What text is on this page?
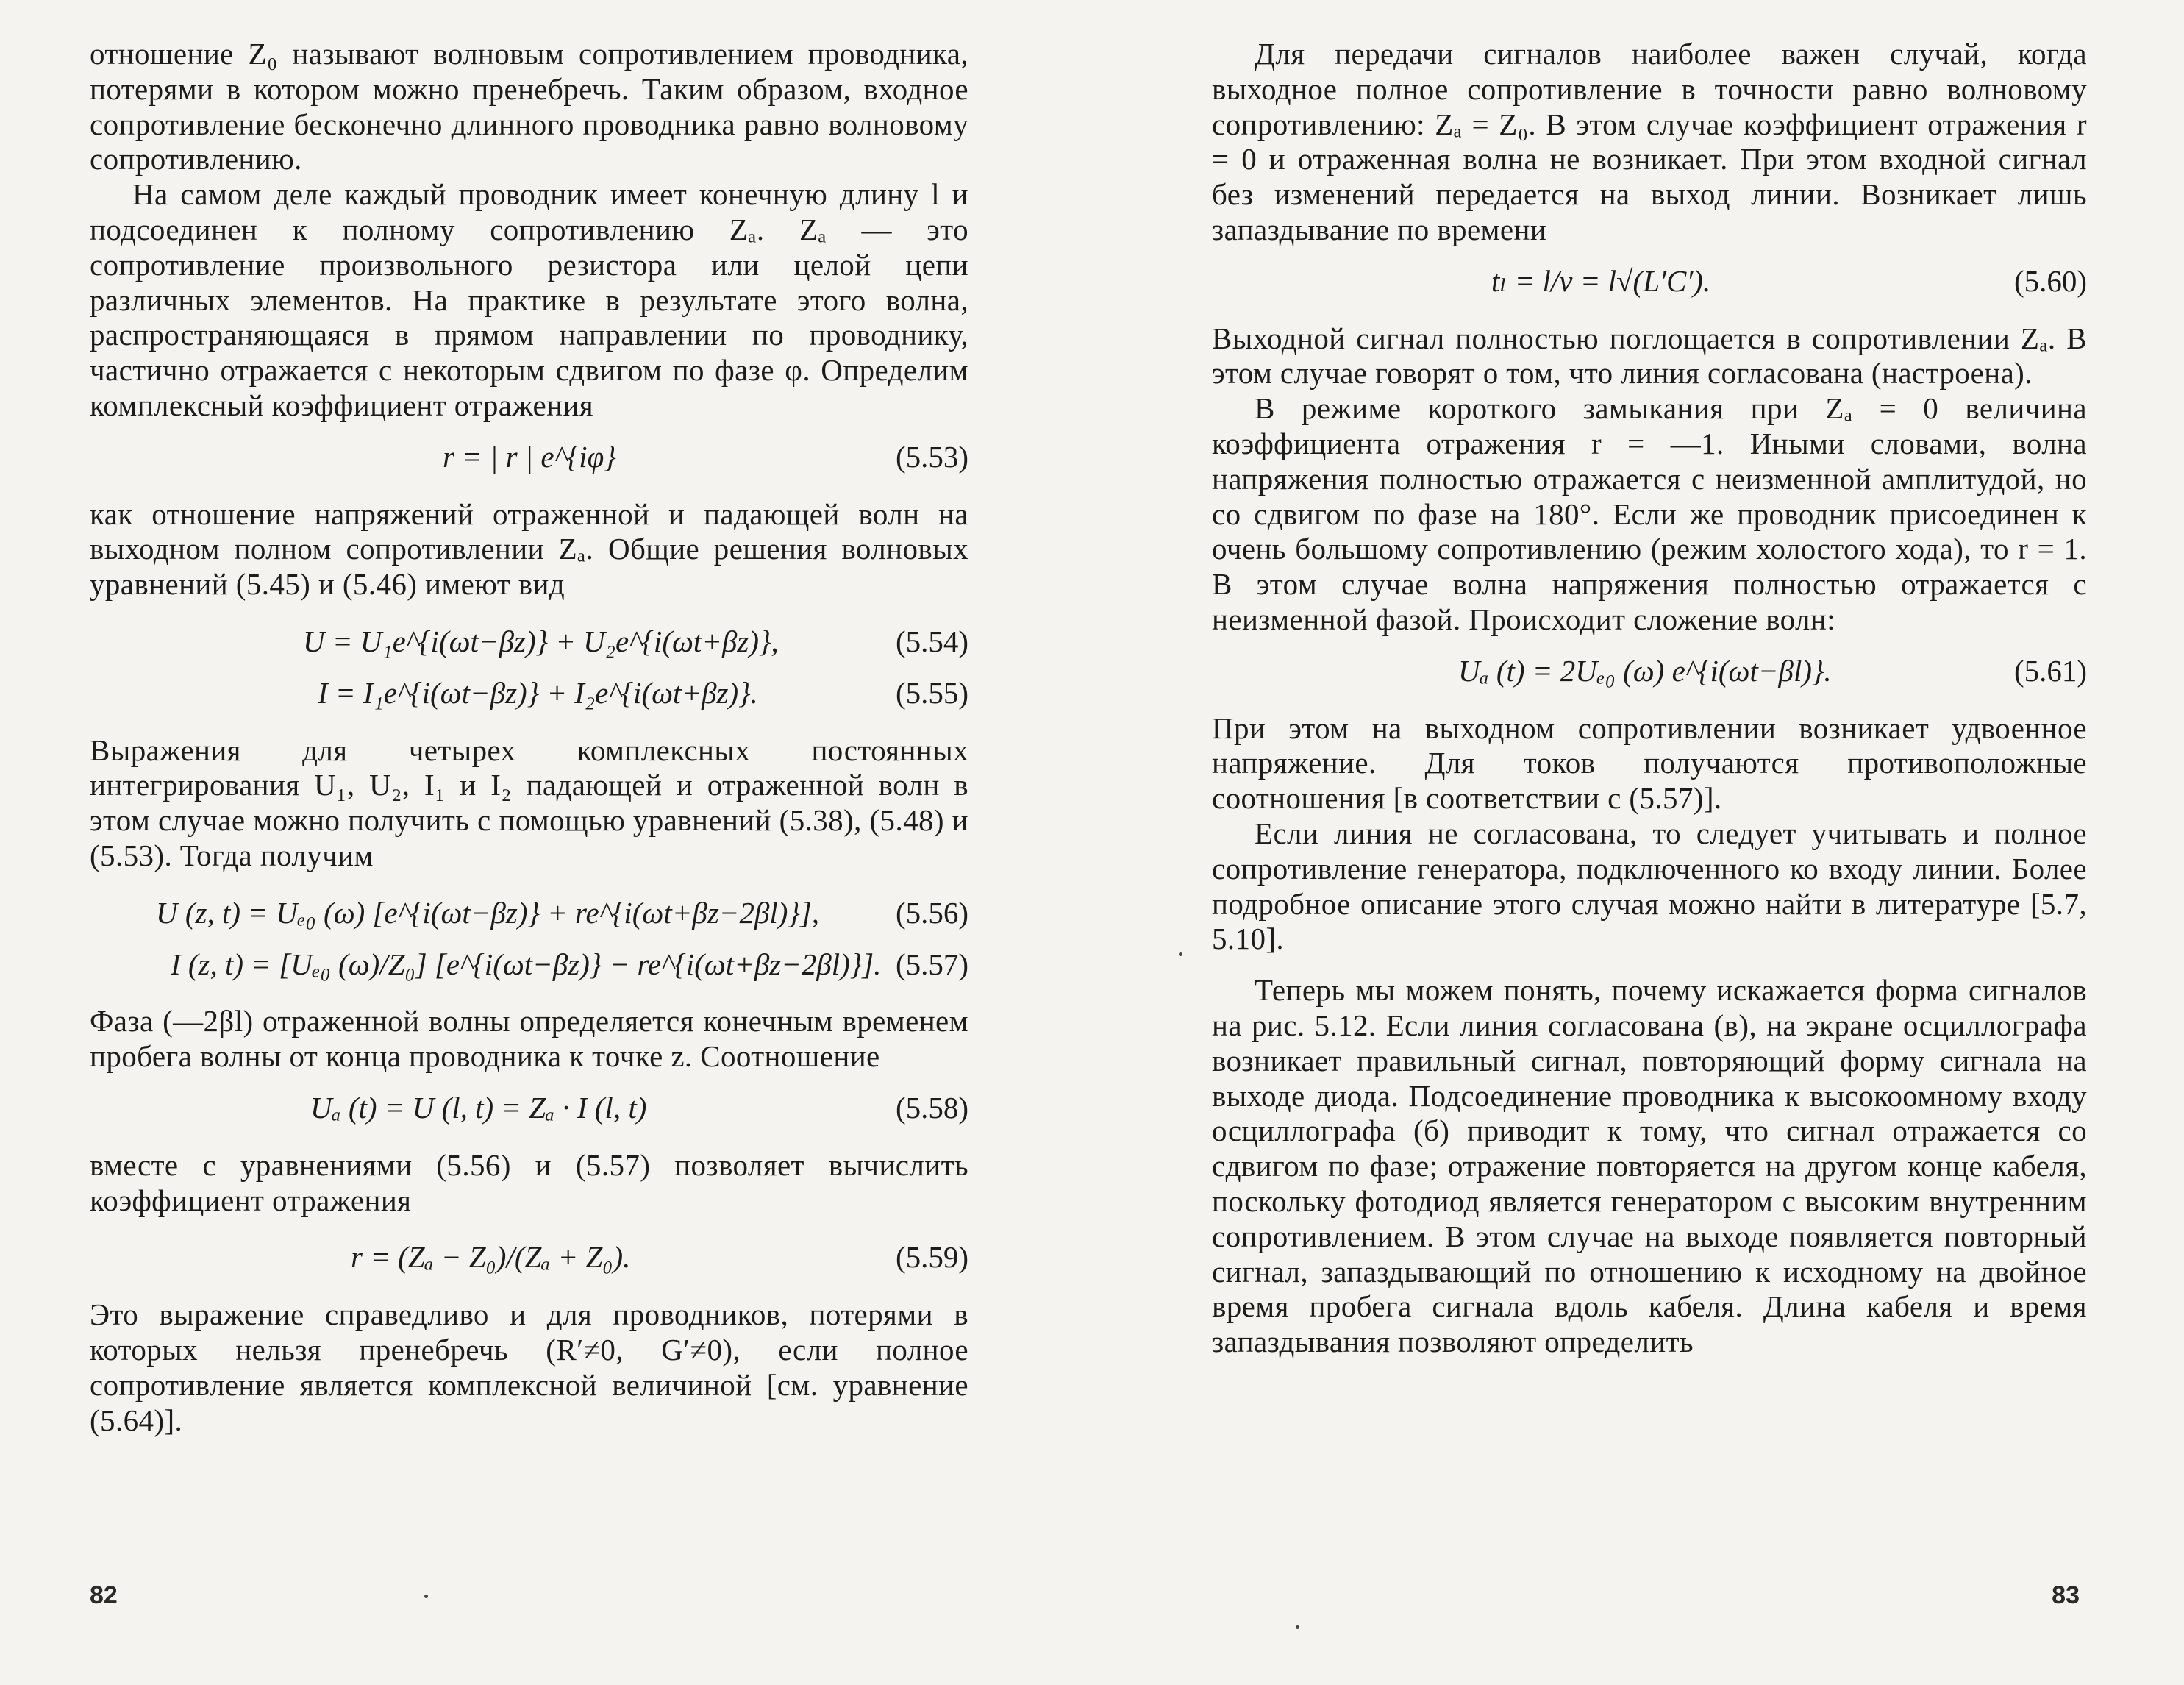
отношение Z₀ называют волновым сопротивлением проводника, потерями в котором можно пренебречь. Таким образом, входное сопротивление бесконечно длинного проводника равно волновому сопротивлению.

На самом деле каждый проводник имеет конечную длину l и подсоединен к полному сопротивлению Zₐ. Zₐ — это сопротивление произвольного резистора или целой цепи различных элементов. На практике в результате этого волна, распространяющаяся в прямом направлении по проводнику, частично отражается с некоторым сдвигом по фазе φ. Определим комплексный коэффициент отражения

r = | r | e^{iφ}	(5.53)

как отношение напряжений отраженной и падающей волн на выходном полном сопротивлении Zₐ. Общие решения волновых уравнений (5.45) и (5.46) имеют вид

U = U₁e^{i(ωt−βz)} + U₂e^{i(ωt+βz)},	(5.54)
I = I₁e^{i(ωt−βz)} + I₂e^{i(ωt+βz)}.	(5.55)

Выражения для четырех комплексных постоянных интегрирования U₁, U₂, I₁ и I₂ падающей и отраженной волн в этом случае можно получить с помощью уравнений (5.38), (5.48) и (5.53). Тогда получим

U (z, t) = Uₑ₀ (ω) [e^{i(ωt−βz)} + re^{i(ωt+βz−2βl)}],	(5.56)
I (z, t) = [Uₑ₀ (ω)/Z₀] [e^{i(ωt−βz)} − re^{i(ωt+βz−2βl)}]. (5.57)

Фаза (—2βl) отраженной волны определяется конечным временем пробега волны от конца проводника к точке z. Соотношение

Uₐ (t) = U (l, t) = Zₐ · I (l, t)	(5.58)

вместе с уравнениями (5.56) и (5.57) позволяет вычислить коэффициент отражения

r = (Zₐ − Z₀)/(Zₐ + Z₀).	(5.59)

Это выражение справедливо и для проводников, потерями в которых нельзя пренебречь (R′≠0, G′≠0), если полное сопротивление является комплексной величиной [см. уравнение (5.64)].

82

Для передачи сигналов наиболее важен случай, когда выходное полное сопротивление в точности равно волновому сопротивлению: Zₐ = Z₀. В этом случае коэффициент отражения r = 0 и отраженная волна не возникает. При этом входной сигнал без изменений передается на выход линии. Возникает лишь запаздывание по времени

tₗ = l/v = l√(L′C′).	(5.60)

Выходной сигнал полностью поглощается в сопротивлении Zₐ. В этом случае говорят о том, что линия согласована (настроена).

В режиме короткого замыкания при Zₐ = 0 величина коэффициента отражения r = —1. Иными словами, волна напряжения полностью отражается с неизменной амплитудой, но со сдвигом по фазе на 180°. Если же проводник присоединен к очень большому сопротивлению (режим холостого хода), то r = 1. В этом случае волна напряжения полностью отражается с неизменной фазой. Происходит сложение волн:

Uₐ (t) = 2Uₑ₀ (ω) e^{i(ωt−βl)}.	(5.61)

При этом на выходном сопротивлении возникает удвоенное напряжение. Для токов получаются противоположные соотношения [в соответствии с (5.57)].

Если линия не согласована, то следует учитывать и полное сопротивление генератора, подключенного ко входу линии. Более подробное описание этого случая можно найти в литературе [5.7, 5.10].

Теперь мы можем понять, почему искажается форма сигналов на рис. 5.12. Если линия согласована (в), на экране осциллографа возникает правильный сигнал, повторяющий форму сигнала на выходе диода. Подсоединение проводника к высокоомному входу осциллографа (б) приводит к тому, что сигнал отражается со сдвигом по фазе; отражение повторяется на другом конце кабеля, поскольку фотодиод является генератором с высоким внутренним сопротивлением. В этом случае на выходе появляется повторный сигнал, запаздывающий по отношению к исходному на двойное время пробега сигнала вдоль кабеля. Длина кабеля и время запаздывания позволяют определить

83
